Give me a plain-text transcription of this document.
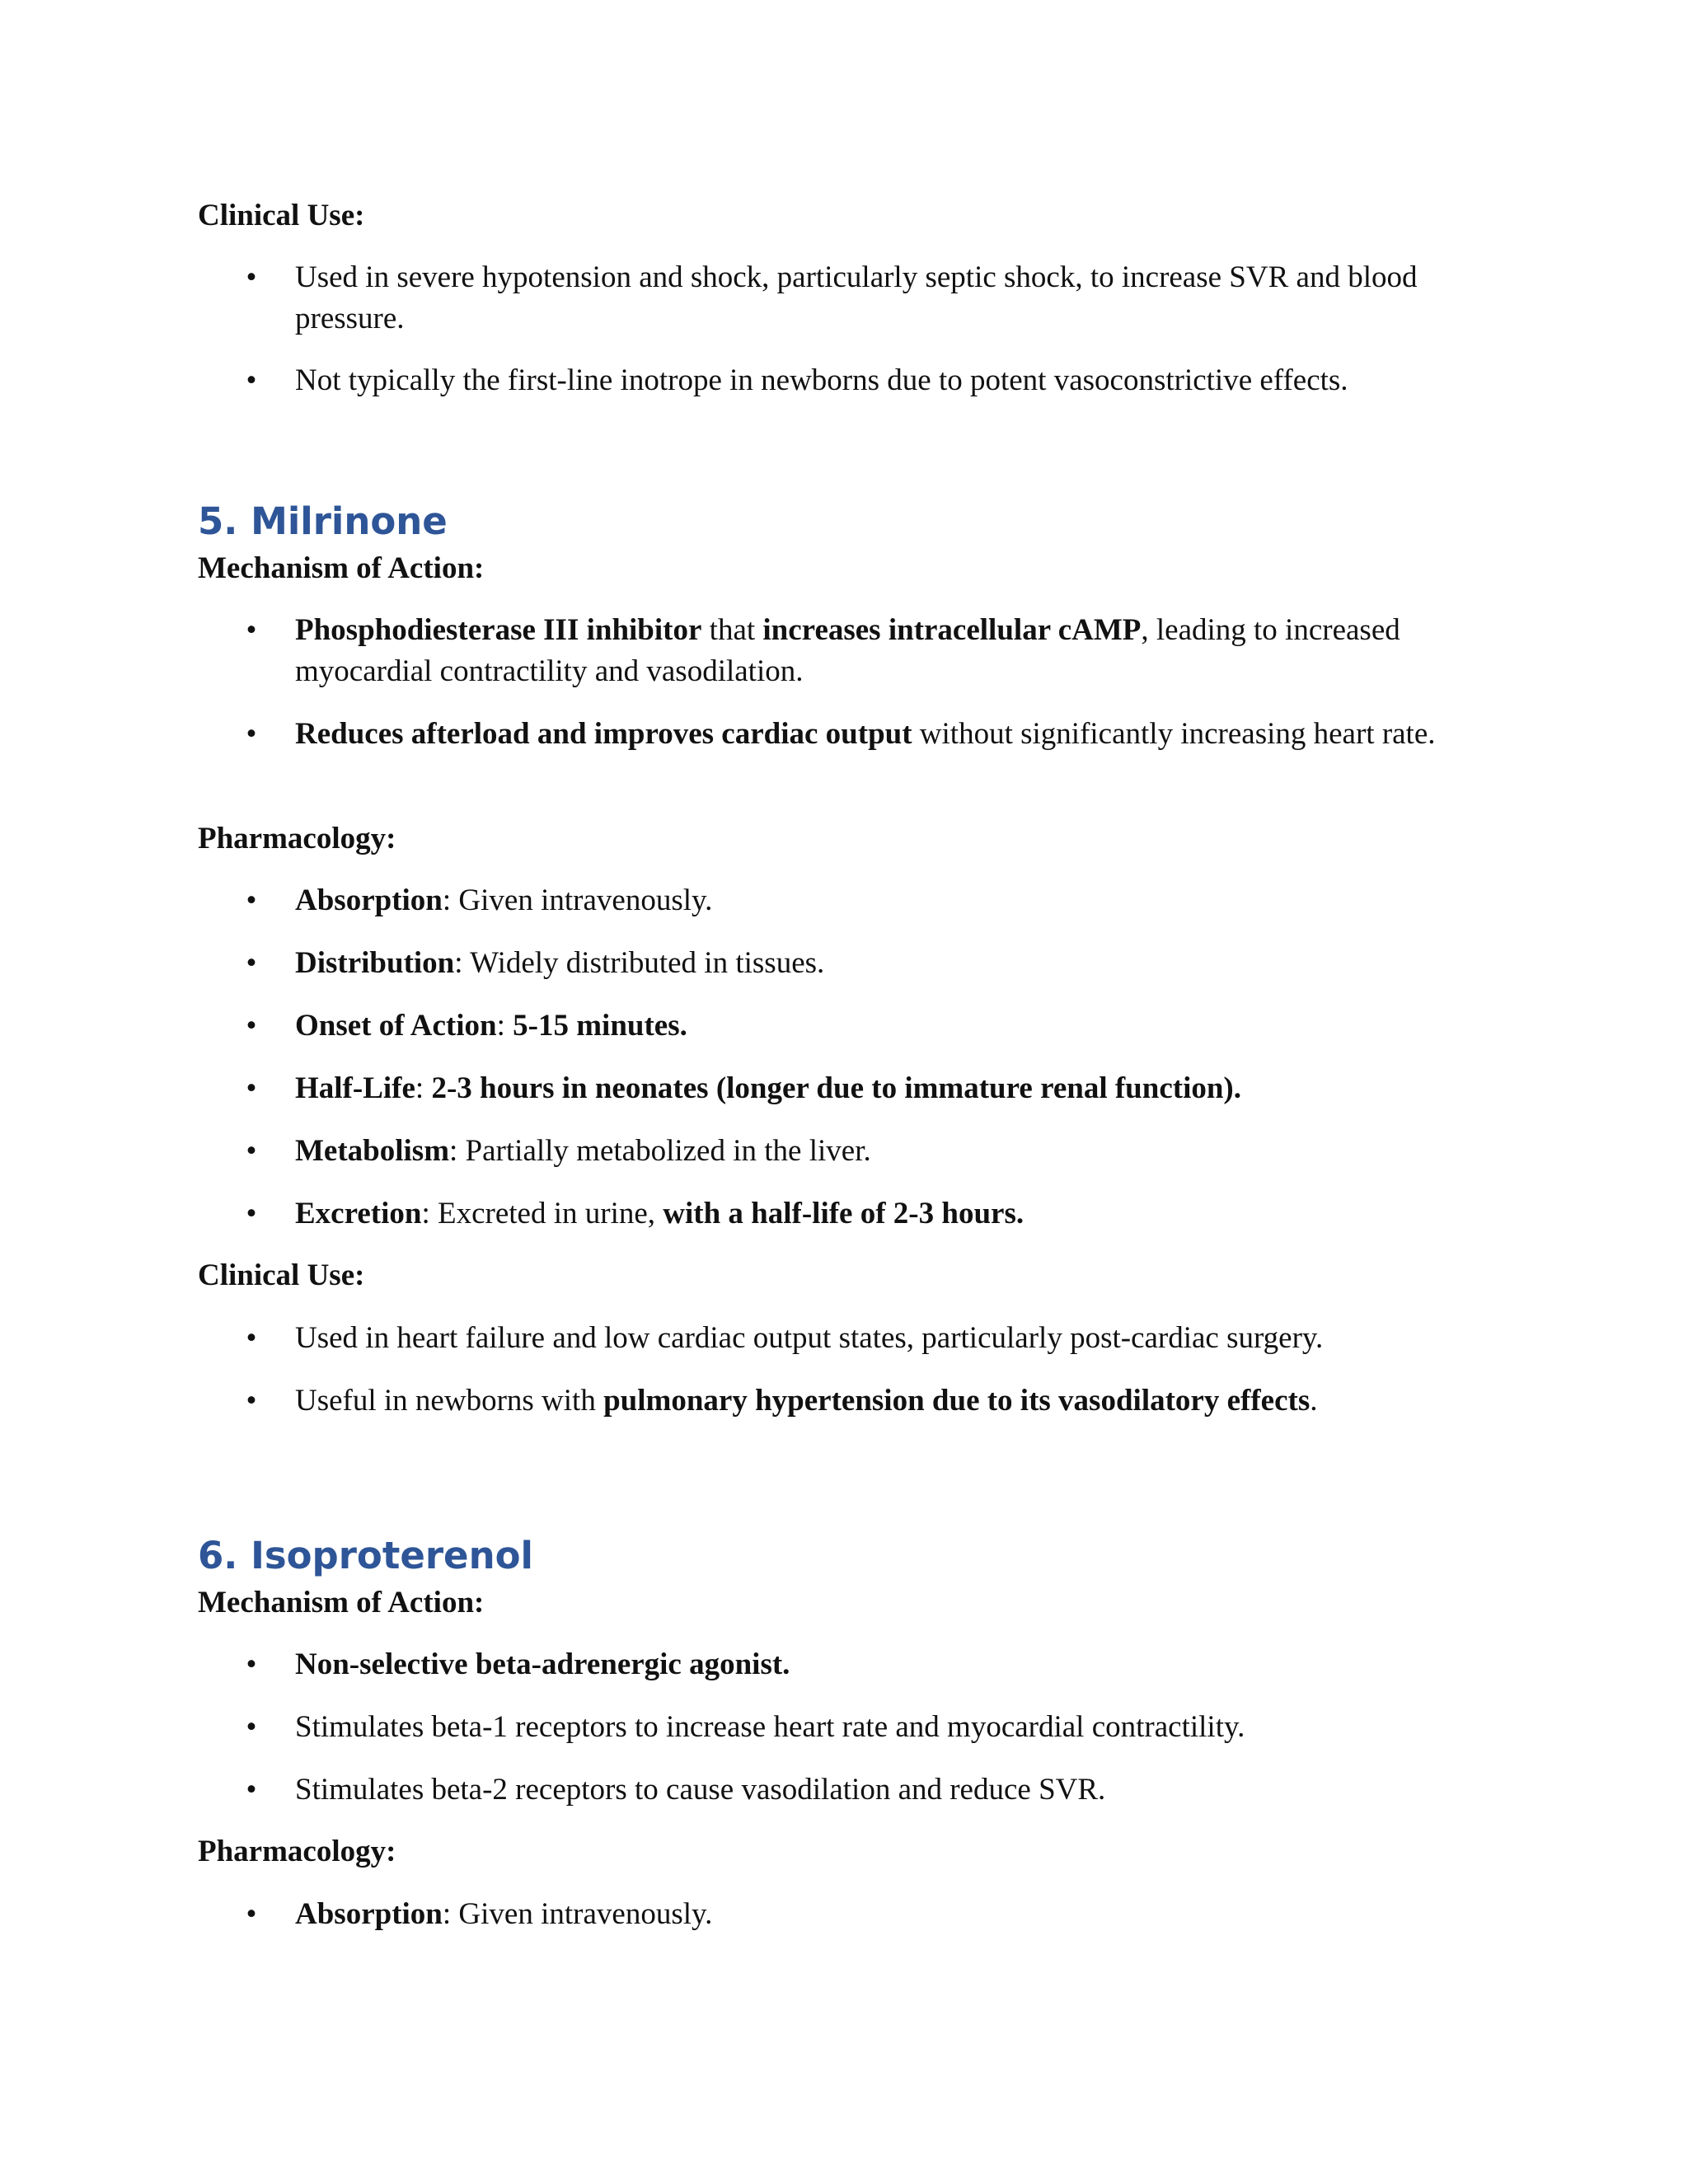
Clinical Use:
•
Used in severe hypotension and shock, particularly septic shock, to increase SVR and blood pressure.
•
Not typically the first-line inotrope in newborns due to potent vasoconstrictive effects.
5. Milrinone
Mechanism of Action:
•
Phosphodiesterase III inhibitor that increases intracellular cAMP, leading to increased myocardial contractility and vasodilation.
•
Reduces afterload and improves cardiac output without significantly increasing heart rate.
Pharmacology:
•
Absorption: Given intravenously.
•
Distribution: Widely distributed in tissues.
•
Onset of Action: 5-15 minutes.
•
Half-Life: 2-3 hours in neonates (longer due to immature renal function).
•
Metabolism: Partially metabolized in the liver.
•
Excretion: Excreted in urine, with a half-life of 2-3 hours.
Clinical Use:
•
Used in heart failure and low cardiac output states, particularly post-cardiac surgery.
•
Useful in newborns with pulmonary hypertension due to its vasodilatory effects.
6. Isoproterenol
Mechanism of Action:
•
Non-selective beta-adrenergic agonist.
•
Stimulates beta-1 receptors to increase heart rate and myocardial contractility.
•
Stimulates beta-2 receptors to cause vasodilation and reduce SVR.
Pharmacology:
•
Absorption: Given intravenously.
